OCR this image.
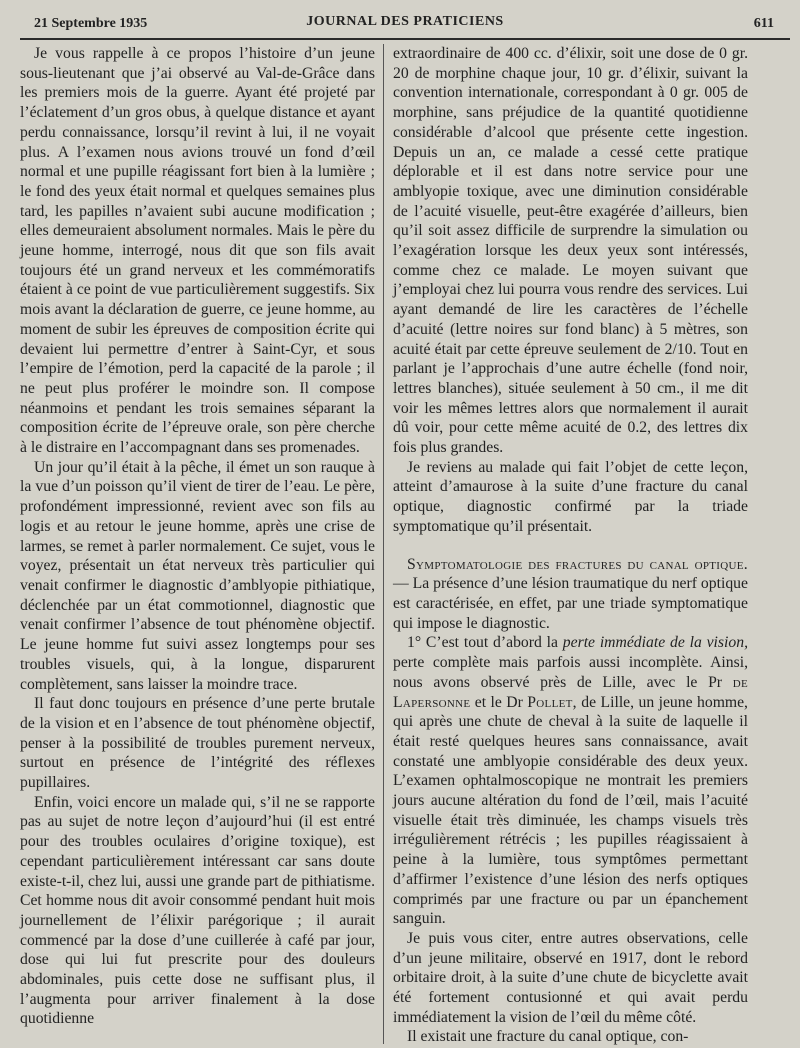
21 Septembre 1935	JOURNAL DES PRATICIENS	611

Je vous rappelle à ce propos l’histoire d’un jeune sous-lieutenant que j’ai observé au Val-de-Grâce dans les premiers mois de la guerre. Ayant été projeté par l’éclatement d’un gros obus, à quelque distance et ayant perdu connaissance, lorsqu’il revint à lui, il ne voyait plus. A l’examen nous avions trouvé un fond d’œil normal et une pupille réagissant fort bien à la lumière ; le fond des yeux était normal et quelques semaines plus tard, les papilles n’avaient subi aucune modification ; elles demeuraient absolument normales. Mais le père du jeune homme, interrogé, nous dit que son fils avait toujours été un grand nerveux et les commémoratifs étaient à ce point de vue particulièrement suggestifs. Six mois avant la déclaration de guerre, ce jeune homme, au moment de subir les épreuves de composition écrite qui devaient lui permettre d’entrer à Saint-Cyr, et sous l’empire de l’émotion, perd la capacité de la parole ; il ne peut plus proférer le moindre son. Il compose néanmoins et pendant les trois semaines séparant la composition écrite de l’épreuve orale, son père cherche à le distraire en l’accompagnant dans ses promenades.

Un jour qu’il était à la pêche, il émet un son rauque à la vue d’un poisson qu’il vient de tirer de l’eau. Le père, profondément impressionné, revient avec son fils au logis et au retour le jeune homme, après une crise de larmes, se remet à parler normalement. Ce sujet, vous le voyez, présentait un état nerveux très particulier qui venait confirmer le diagnostic d’amblyopie pithiatique, déclenchée par un état commotionnel, diagnostic que venait confirmer l’absence de tout phénomène objectif. Le jeune homme fut suivi assez longtemps pour ses troubles visuels, qui, à la longue, disparurent complètement, sans laisser la moindre trace.

Il faut donc toujours en présence d’une perte brutale de la vision et en l’absence de tout phénomène objectif, penser à la possibilité de troubles purement nerveux, surtout en présence de l’intégrité des réflexes pupillaires.

Enfin, voici encore un malade qui, s’il ne se rapporte pas au sujet de notre leçon d’aujourd’hui (il est entré pour des troubles oculaires d’origine toxique), est cependant particulièrement intéressant car sans doute existe-t-il, chez lui, aussi une grande part de pithiatisme. Cet homme nous dit avoir consommé pendant huit mois journellement de l’élixir parégorique ; il aurait commencé par la dose d’une cuillerée à café par jour, dose qui lui fut prescrite pour des douleurs abdominales, puis cette dose ne suffisant plus, il l’augmenta pour arriver finalement à la dose quotidienne

extraordinaire de 400 cc. d’élixir, soit une dose de 0 gr. 20 de morphine chaque jour, 10 gr. d’élixir, suivant la convention internationale, correspondant à 0 gr. 005 de morphine, sans préjudice de la quantité quotidienne considérable d’alcool que présente cette ingestion. Depuis un an, ce malade a cessé cette pratique déplorable et il est dans notre service pour une amblyopie toxique, avec une diminution considérable de l’acuité visuelle, peut-être exagérée d’ailleurs, bien qu’il soit assez difficile de surprendre la simulation ou l’exagération lorsque les deux yeux sont intéressés, comme chez ce malade. Le moyen suivant que j’employai chez lui pourra vous rendre des services. Lui ayant demandé de lire les caractères de l’échelle d’acuité (lettre noires sur fond blanc) à 5 mètres, son acuité était par cette épreuve seulement de 2/10. Tout en parlant je l’approchais d’une autre échelle (fond noir, lettres blanches), située seulement à 50 cm., il me dit voir les mêmes lettres alors que normalement il aurait dû voir, pour cette même acuité de 0.2, des lettres dix fois plus grandes.

Je reviens au malade qui fait l’objet de cette leçon, atteint d’amaurose à la suite d’une fracture du canal optique, diagnostic confirmé par la triade symptomatique qu’il présentait.

Symptomatologie des fractures du canal optique. — La présence d’une lésion traumatique du nerf optique est caractérisée, en effet, par une triade symptomatique qui impose le diagnostic.

1° C’est tout d’abord la perte immédiate de la vision, perte complète mais parfois aussi incomplète. Ainsi, nous avons observé près de Lille, avec le Pr de Lapersonne et le Dr Pollet, de Lille, un jeune homme, qui après une chute de cheval à la suite de laquelle il était resté quelques heures sans connaissance, avait constaté une amblyopie considérable des deux yeux. L’examen ophtalmoscopique ne montrait les premiers jours aucune altération du fond de l’œil, mais l’acuité visuelle était très diminuée, les champs visuels très irrégulièrement rétrécis ; les pupilles réagissaient à peine à la lumière, tous symptômes permettant d’affirmer l’existence d’une lésion des nerfs optiques comprimés par une fracture ou par un épanchement sanguin.

Je puis vous citer, entre autres observations, celle d’un jeune militaire, observé en 1917, dont le rebord orbitaire droit, à la suite d’une chute de bicyclette avait été fortement contusionné et qui avait perdu immédiatement la vision de l’œil du même côté.

Il existait une fracture du canal optique, con-
